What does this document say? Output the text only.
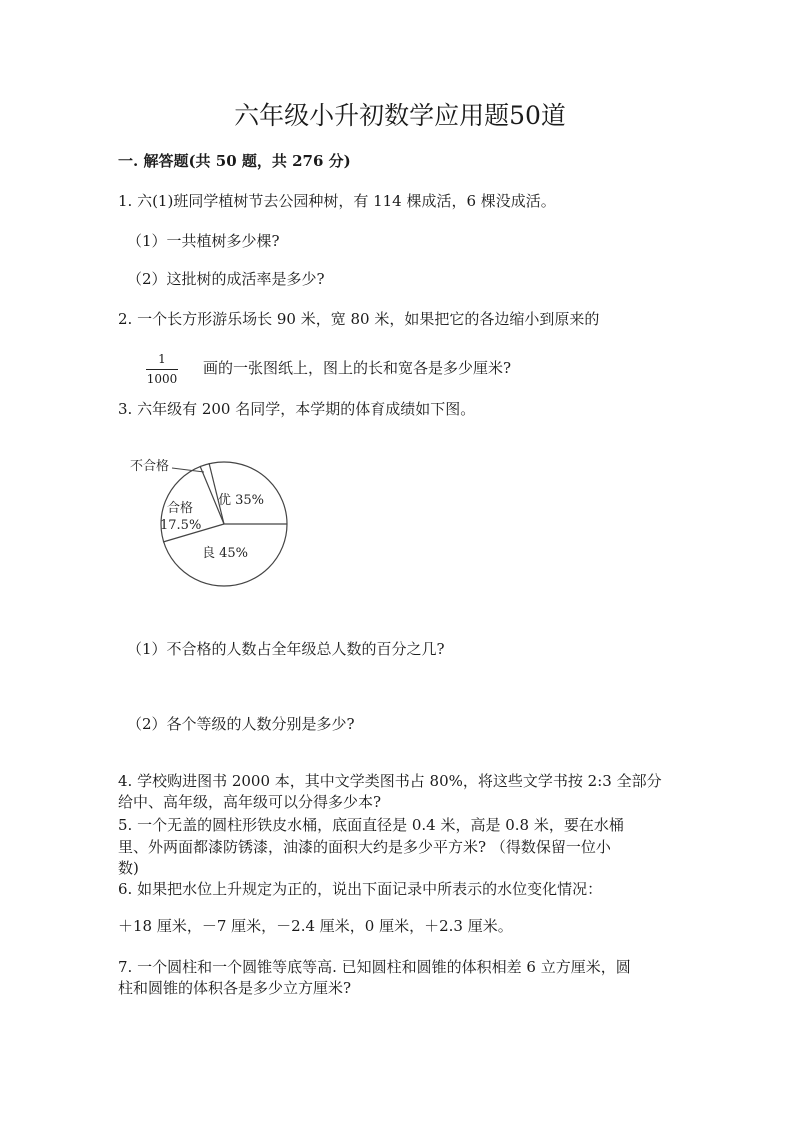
六年级小升初数学应用题50道
一. 解答题(共 50 题，共 276 分)
1. 六(1)班同学植树节去公园种树，有 114 棵成活，6 棵没成活。
（1）一共植树多少棵?
（2）这批树的成活率是多少?
2. 一个长方形游乐场长 90 米，宽 80 米，如果把它的各边缩小到原来的
1
1000
画的一张图纸上，图上的长和宽各是多少厘米?
3. 六年级有 200 名同学，本学期的体育成绩如下图。
不合格
合格
17.5%
优 35%
良 45%
（1）不合格的人数占全年级总人数的百分之几?
（2）各个等级的人数分别是多少?
4. 学校购进图书 2000 本，其中文学类图书占 80%，将这些文学书按 2:3 全部分
给中、高年级，高年级可以分得多少本?
5. 一个无盖的圆柱形铁皮水桶，底面直径是 0.4 米，高是 0.8 米，要在水桶
里、外两面都漆防锈漆，油漆的面积大约是多少平方米? （得数保留一位小
数)
6. 如果把水位上升规定为正的，说出下面记录中所表示的水位变化情况：
＋18 厘米，－7 厘米，－2.4 厘米，0 厘米，＋2.3 厘米。
7. 一个圆柱和一个圆锥等底等高. 已知圆柱和圆锥的体积相差 6 立方厘米，圆
柱和圆锥的体积各是多少立方厘米?
